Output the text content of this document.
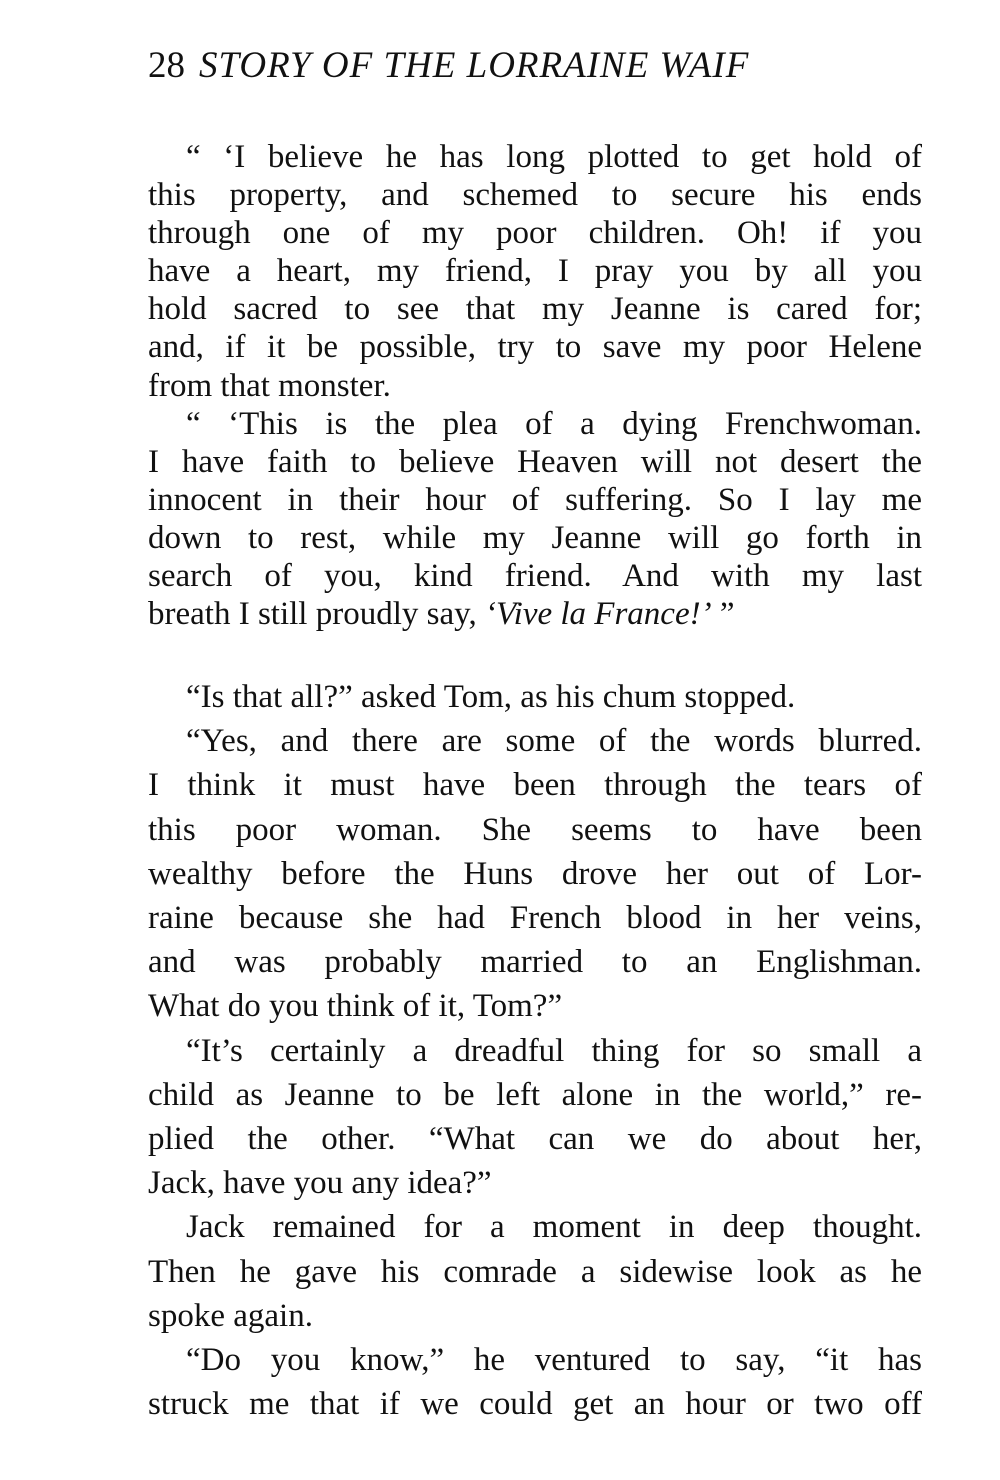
28 STORY OF THE LORRAINE WAIF
“ ‘I believe he has long plotted to get hold of
this property, and schemed to secure his ends
through one of my poor children. Oh! if you
have a heart, my friend, I pray you by all you
hold sacred to see that my Jeanne is cared for;
and, if it be possible, try to save my poor Helene
from that monster.
“ ‘This is the plea of a dying Frenchwoman.
I have faith to believe Heaven will not desert the
innocent in their hour of suffering. So I lay me
down to rest, while my Jeanne will go forth in
search of you, kind friend. And with my last
breath I still proudly say, ‘Vive la France!’ ”
“Is that all?” asked Tom, as his chum stopped.
“Yes, and there are some of the words blurred.
I think it must have been through the tears of
this poor woman. She seems to have been
wealthy before the Huns drove her out of Lor-
raine because she had French blood in her veins,
and was probably married to an Englishman.
What do you think of it, Tom?”
“It’s certainly a dreadful thing for so small a
child as Jeanne to be left alone in the world,” re-
plied the other. “What can we do about her,
Jack, have you any idea?”
Jack remained for a moment in deep thought.
Then he gave his comrade a sidewise look as he
spoke again.
“Do you know,” he ventured to say, “it has
struck me that if we could get an hour or two off
